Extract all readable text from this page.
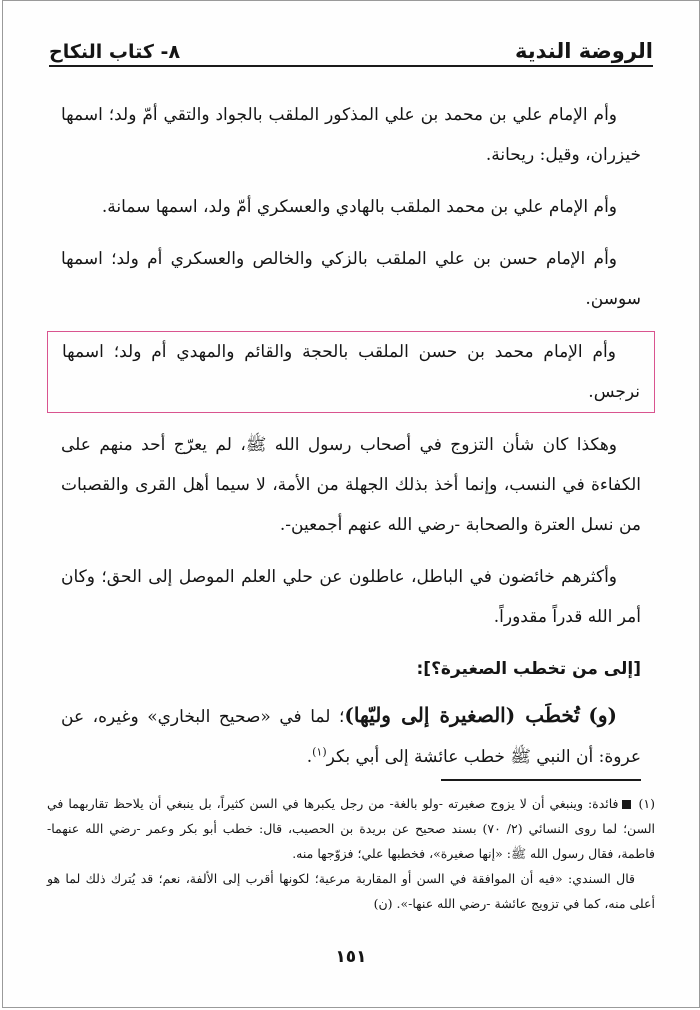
الروضة الندية
٨- كتاب النكاح

وأم الإمام علي بن محمد بن علي المذكور الملقب بالجواد والتقي أمّ ولد؛ اسمها خيزران، وقيل: ريحانة.

وأم الإمام علي بن محمد الملقب بالهادي والعسكري أمّ ولد، اسمها سمانة.

وأم الإمام حسن بن علي الملقب بالزكي والخالص والعسكري أم ولد؛ اسمها سوسن.

وأم الإمام محمد بن حسن الملقب بالحجة والقائم والمهدي أم ولد؛ اسمها نرجس.

وهكذا كان شأن التزوج في أصحاب رسول الله ﷺ، لم يعرّج أحد منهم على الكفاءة في النسب، وإنما أخذ بذلك الجهلة من الأمة، لا سيما أهل القرى والقصبات من نسل العترة والصحابة -رضي الله عنهم أجمعين-.

وأكثرهم خائضون في الباطل، عاطلون عن حلي العلم الموصل إلى الحق؛ وكان أمر الله قدراً مقدوراً.

[إلى من تخطب الصغيرة؟]:

(و) تُخطَب (الصغيرة إلى وليّها)؛ لما في «صحيح البخاري» وغيره، عن عروة: أن النبي ﷺ خطب عائشة إلى أبي بكر$^{(١)}$.

(١) فائدة: وينبغي أن لا يزوج صغيرته -ولو بالغة- من رجل يكبرها في السن كثيراً، بل ينبغي أن يلاحظ تقاربهما في السن؛ لما روى النسائي (٢/ ٧٠) بسند صحيح عن بريدة بن الحصيب، قال: خطب أبو بكر وعمر -رضي الله عنهما- فاطمة، فقال رسول الله ﷺ: «إنها صغيرة»، فخطبها علي؛ فزوّجها منه.

قال السندي: «فيه أن الموافقة في السن أو المقاربة مرعية؛ لكونها أقرب إلى الألفة، نعم؛ قد يُترك ذلك لما هو أعلى منه، كما في تزويج عائشة -رضي الله عنها-». (ن)

١٥١
